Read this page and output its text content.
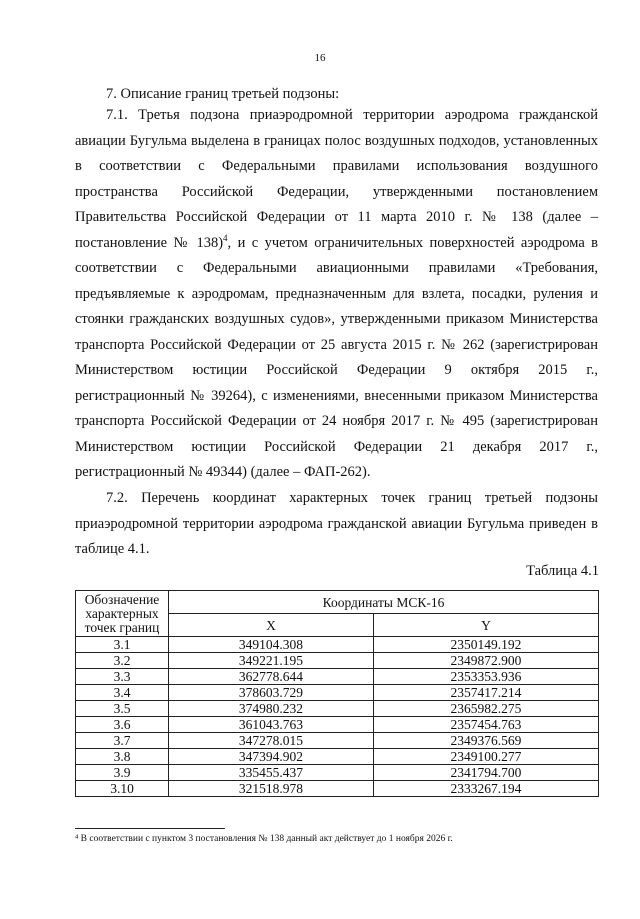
16
7. Описание границ третьей подзоны:

7.1. Третья подзона приаэродромной территории аэродрома гражданской авиации Бугульма выделена в границах полос воздушных подходов, установленных в соответствии с Федеральными правилами использования воздушного пространства Российской Федерации, утвержденными постановлением Правительства Российской Федерации от 11 марта 2010 г. № 138 (далее – постановление № 138)$^4$, и с учетом ограничительных поверхностей аэродрома в соответствии с Федеральными авиационными правилами «Требования, предъявляемые к аэродромам, предназначенным для взлета, посадки, руления и стоянки гражданских воздушных судов», утвержденными приказом Министерства транспорта Российской Федерации от 25 августа 2015 г. № 262 (зарегистрирован Министерством юстиции Российской Федерации 9 октября 2015 г., регистрационный № 39264), с изменениями, внесенными приказом Министерства транспорта Российской Федерации от 24 ноября 2017 г. № 495 (зарегистрирован Министерством юстиции Российской Федерации 21 декабря 2017 г., регистрационный № 49344) (далее – ФАП-262).

7.2. Перечень координат характерных точек границ третьей подзоны приаэродромной территории аэродрома гражданской авиации Бугульма приведен в таблице 4.1.

Таблица 4.1
Обозначение характерных точек границ	Координаты МСК-16	
	X	Y
3.1	349104.308	2350149.192
3.2	349221.195	2349872.900
3.3	362778.644	2353353.936
3.4	378603.729	2357417.214
3.5	374980.232	2365982.275
3.6	361043.763	2357454.763
3.7	347278.015	2349376.569
3.8	347394.902	2349100.277
3.9	335455.437	2341794.700
3.10	321518.978	2333267.194
⁴ В соответствии с пунктом 3 постановления № 138 данный акт действует до 1 ноября 2026 г.
